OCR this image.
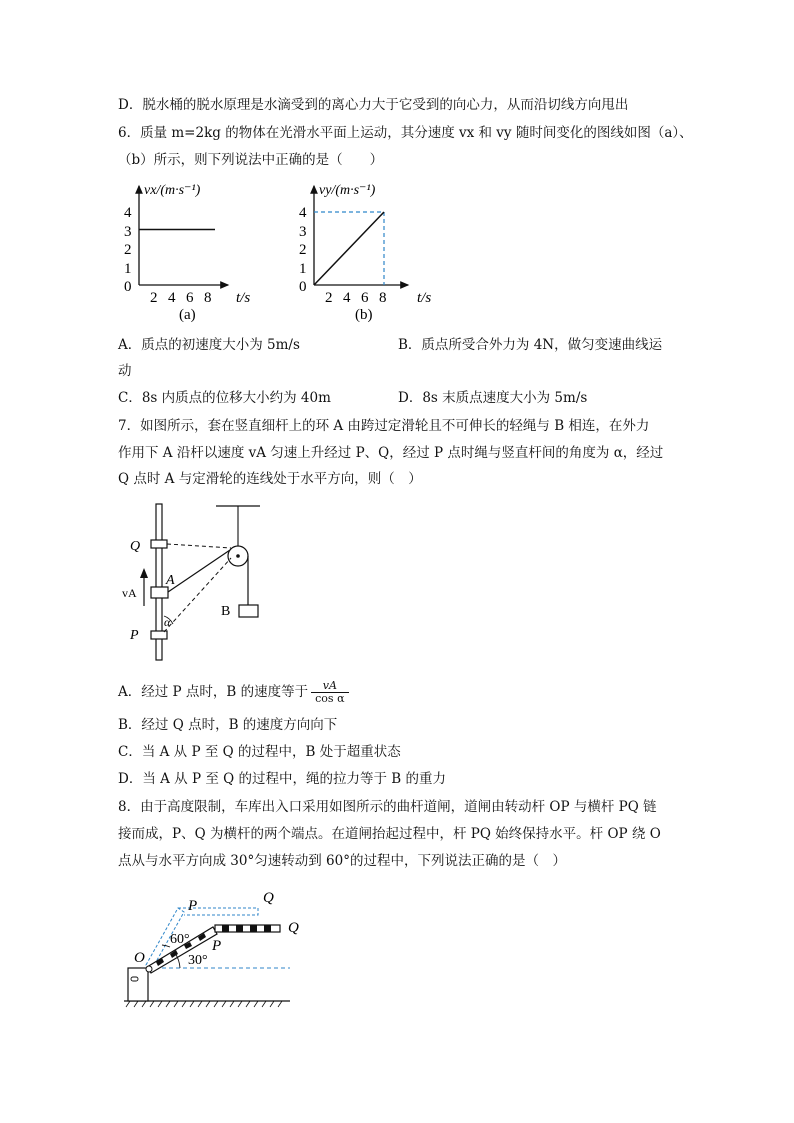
D．脱水桶的脱水原理是水滴受到的离心力大于它受到的向心力，从而沿切线方向甩出
6．质量 m=2kg 的物体在光滑水平面上运动，其分速度 vx 和 vy 随时间变化的图线如图（a）、
（b）所示，则下列说法中正确的是（　　）
vx/(m·s⁻¹)
4
3
2
1
0
2 4 6 8 t/s
(a)
vy/(m·s⁻¹)
4
3
2
1
0
2 4 6 8 t/s
(b)
A．质点的初速度大小为 5m/s	B．质点所受合外力为 4N，做匀变速曲线运
动
C．8s 内质点的位移大小约为 40m	D．8s 末质点速度大小为 5m/s
7．如图所示，套在竖直细杆上的环 A 由跨过定滑轮且不可伸长的轻绳与 B 相连，在外力
作用下 A 沿杆以速度 vA 匀速上升经过 P、Q，经过 P 点时绳与竖直杆间的角度为 α，经过
Q 点时 A 与定滑轮的连线处于水平方向，则（　）
Q
A
vA
α
P
B
A．经过 P 点时，B 的速度等于 $\frac{vA}{\text{cos α}}$
B．经过 Q 点时，B 的速度方向向下
C．当 A 从 P 至 Q 的过程中，B 处于超重状态
D．当 A 从 P 至 Q 的过程中，绳的拉力等于 B 的重力
8．由于高度限制，车库出入口采用如图所示的曲杆道闸，道闸由转动杆 OP 与横杆 PQ 链
接而成，P、Q 为横杆的两个端点。在道闸抬起过程中，杆 PQ 始终保持水平。杆 OP 绕 O
点从与水平方向成 30°匀速转动到 60°的过程中，下列说法正确的是（　）
Q
P
Q
P
O
60°
30°
